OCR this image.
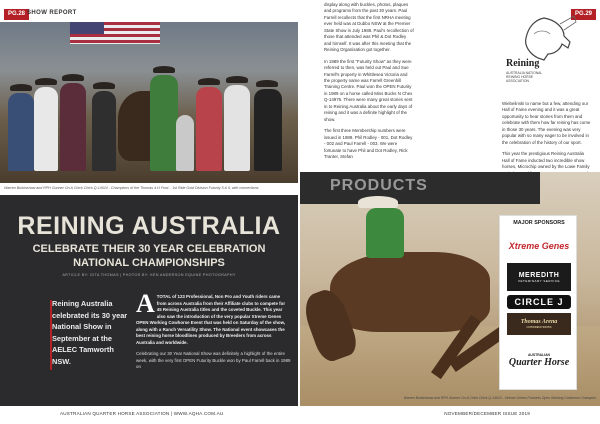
PG.28 SHOW REPORT
Warren Burkinshaw and RPH Gunner On A Chick Chick Q-14024 - Champions of the Thomas 4-H Ford... 1st Ride Gold Division Futurity 5 & 6, with connections
REINING AUSTRALIA
CELEBRATE THEIR 30 YEAR CELEBRATION NATIONAL CHAMPIONSHIPS
ARTICLE BY: GITA THOMAS | PHOTOS BY: KEN ANDERSON EQUINE PHOTOGRAPHY
Reining Australia celebrated its 30 year National Show in September at the AELEC Tamworth NSW.

A TOTAL of 123 Professional, Non Pro and Youth riders came from across Australia from their Affiliate clubs to compete for 45 Reining Australia titles and the coveted Buckle. This year also saw the introduction of the very popular Xtreme Genes OPEN Working Cowhorse Event that was held on Saturday of the show, along with a Ranch Versatility Show. The National event showcases the best reining horse bloodlines produced by Breeders from across Australia and worldwide.

Celebrating our 30 Year National Show was definitely a highlight of the entire week, with the very first OPEN Futurity Buckle won by Paul Farrell back in 1989 on

PG.29

display along with buckles, photos, plaques and programs from the past 30 years. Paul Farrell recollects that the first NRHA meeting ever held was at Dubbo NSW at the Premier State Show in July 1988. Paul's recollection of those that attended was Phil & Dot Rodley and himself. It was after this meeting that the Reining Organisation got together.

In 1989 the first "Futurity Show" as they were referred to then, was held out Paul and Sue Farrell's property in Whittlesea Victoria and the property name was Farrell Greenhill Training Centre. Paul won the OPEN Futurity in 1989 on a horse called Miss Bucks N Chex Q-14976. There were many great stories sent in to Reining Australia about the early days of reining and it was a definite highlight of the show.

The first three Membership numbers were issued in 1989. Phil Rodley - 001, Dot Rodley - 002 and Paul Farrell - 003. We were fortunate to have Phil and Dot Rodley, Rick Tranter, Stefan

Reining
AUSTRALIA NATIONAL REINING HORSE ASSOCIATION

Wiebelinski to name but a few, attending our Hall of Fame evening and it was a great opportunity to hear stories from them and celebrate with them how far reining has come in those 30 years. The evening was very popular with so many eager to be involved in the celebration of the history of our sport.

This year the prestigious Reining Australia Hall of Fame inducted two incredible show horses, Microchip owned by the Lowe Family

PRODUCTS
Warren Burkinshaw and RPH Gunner On A Chick Chick Q-14024 - Xtreme Genes Products Open Working Cowhorse Champion
MAJOR SPONSORS
Xtreme Genes
MEREDITH
VETERINARY SERVICE
CIRCLE J
Thomas Arena
CONSTRUCTIONS
AUSTRALIAN
Quarter Horse
AUSTRALIAN QUARTER HORSE ASSOCIATION | WWW.AQHA.COM.AU	NOVEMBER/DECEMBER ISSUE 2019
